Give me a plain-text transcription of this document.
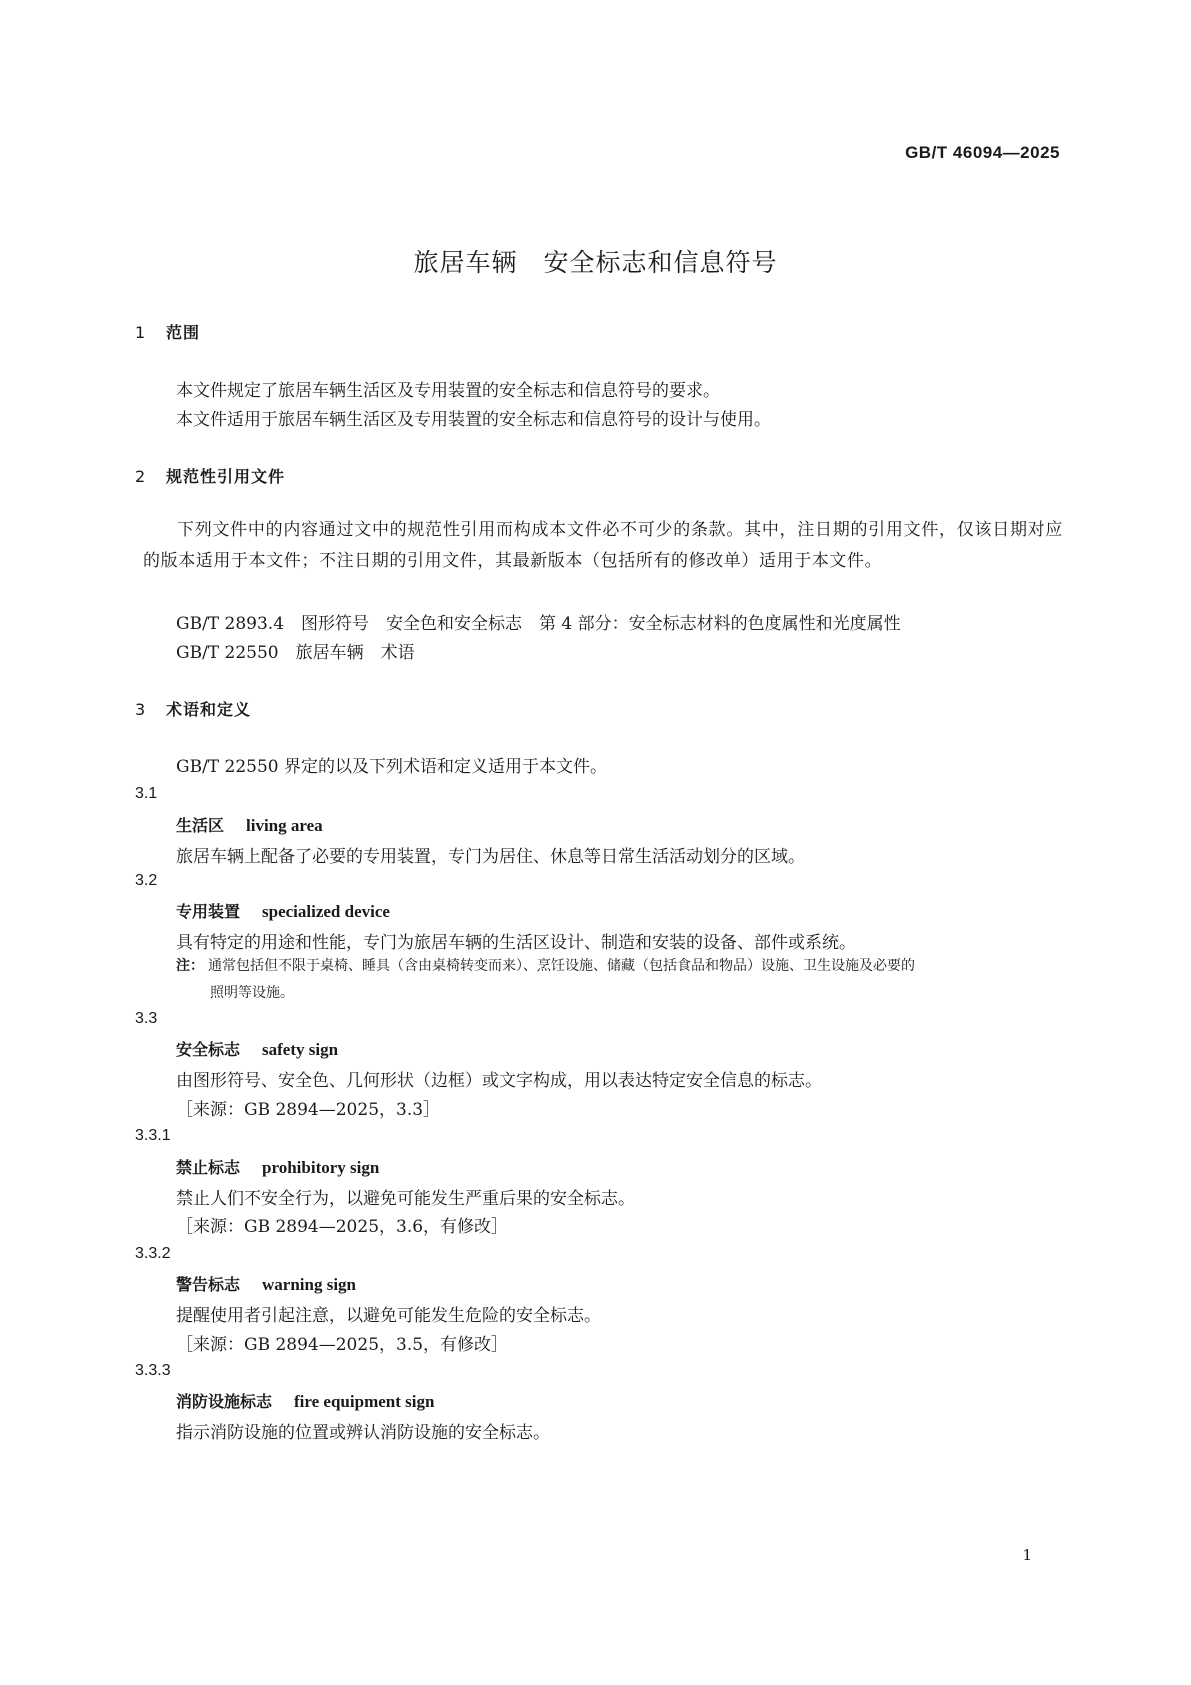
GB/T 46094—2025
旅居车辆　安全标志和信息符号
1 范围
本文件规定了旅居车辆生活区及专用装置的安全标志和信息符号的要求。
本文件适用于旅居车辆生活区及专用装置的安全标志和信息符号的设计与使用。
2 规范性引用文件
下列文件中的内容通过文中的规范性引用而构成本文件必不可少的条款。其中，注日期的引用文件，仅该日期对应的版本适用于本文件；不注日期的引用文件，其最新版本（包括所有的修改单）适用于本文件。
GB/T 2893.4　图形符号　安全色和安全标志　第 4 部分：安全标志材料的色度属性和光度属性
GB/T 22550　旅居车辆　术语
3 术语和定义
GB/T 22550 界定的以及下列术语和定义适用于本文件。
3.1
生活区 living area
旅居车辆上配备了必要的专用装置，专门为居住、休息等日常生活活动划分的区域。
3.2
专用装置 specialized device
具有特定的用途和性能，专门为旅居车辆的生活区设计、制造和安装的设备、部件或系统。
注： 通常包括但不限于桌椅、睡具（含由桌椅转变而来）、烹饪设施、储藏（包括食品和物品）设施、卫生设施及必要的
照明等设施。
3.3
安全标志 safety sign
由图形符号、安全色、几何形状（边框）或文字构成，用以表达特定安全信息的标志。
［来源：GB 2894—2025，3.3］
3.3.1
禁止标志 prohibitory sign
禁止人们不安全行为，以避免可能发生严重后果的安全标志。
［来源：GB 2894—2025，3.6，有修改］
3.3.2
警告标志 warning sign
提醒使用者引起注意，以避免可能发生危险的安全标志。
［来源：GB 2894—2025，3.5，有修改］
3.3.3
消防设施标志 fire equipment sign
指示消防设施的位置或辨认消防设施的安全标志。
1
